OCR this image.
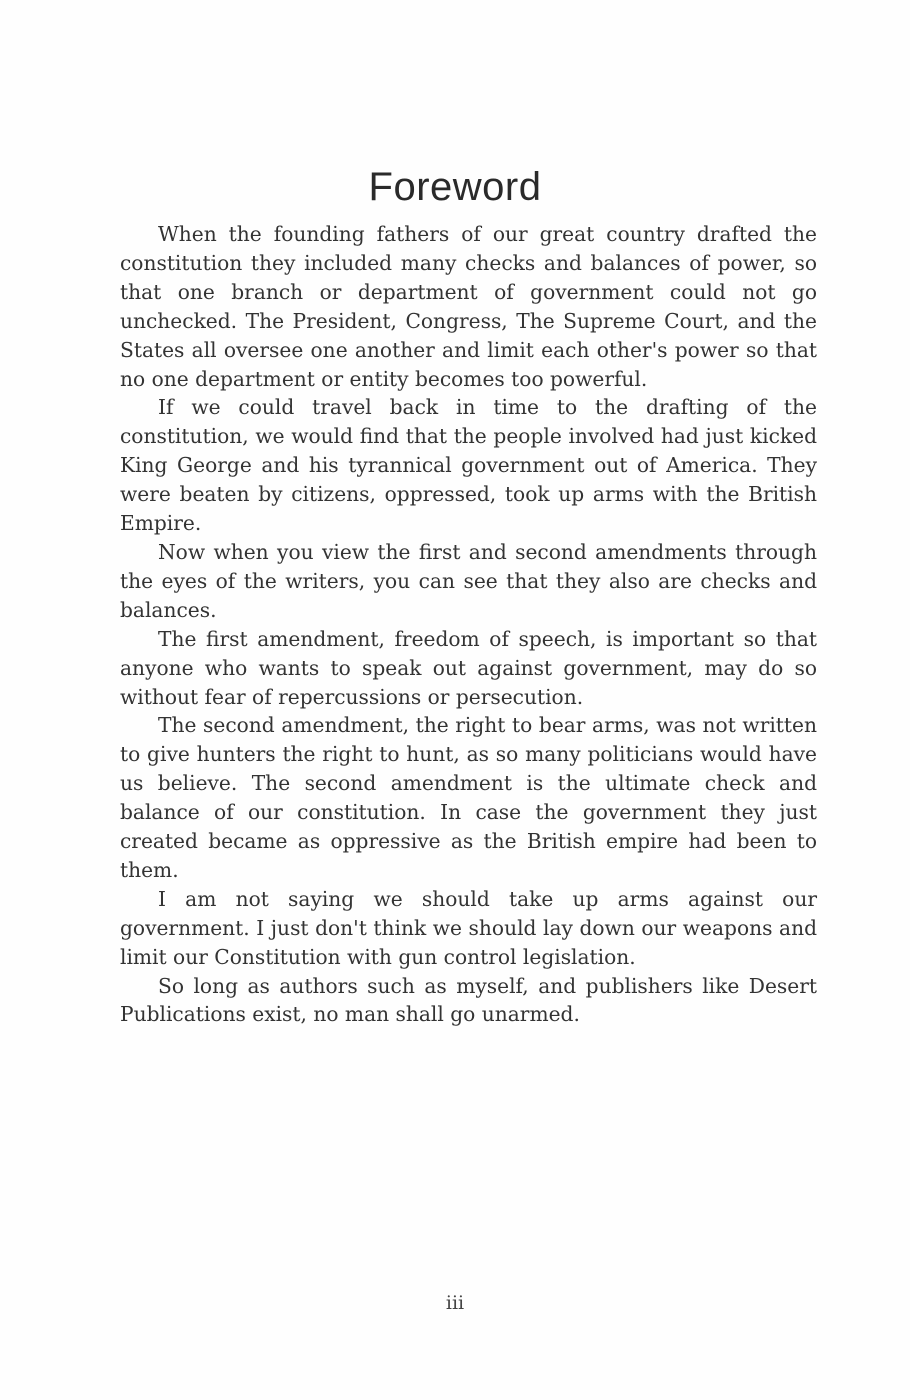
Foreword

When the founding fathers of our great country drafted the constitution they included many checks and balances of power, so that one branch or department of government could not go unchecked. The President, Congress, The Supreme Court, and the States all oversee one another and limit each other's power so that no one department or entity becomes too powerful.

If we could travel back in time to the drafting of the constitution, we would find that the people involved had just kicked King George and his tyrannical government out of America. They were beaten by citizens, oppressed, took up arms with the British Empire.

Now when you view the first and second amendments through the eyes of the writers, you can see that they also are checks and balances.

The first amendment, freedom of speech, is important so that anyone who wants to speak out against government, may do so without fear of repercussions or persecution.

The second amendment, the right to bear arms, was not written to give hunters the right to hunt, as so many politicians would have us believe. The second amendment is the ultimate check and balance of our constitution. In case the government they just created became as oppressive as the British empire had been to them.

I am not saying we should take up arms against our government. I just don't think we should lay down our weapons and limit our Constitution with gun control legislation.

So long as authors such as myself, and publishers like Desert Publications exist, no man shall go unarmed.

iii
